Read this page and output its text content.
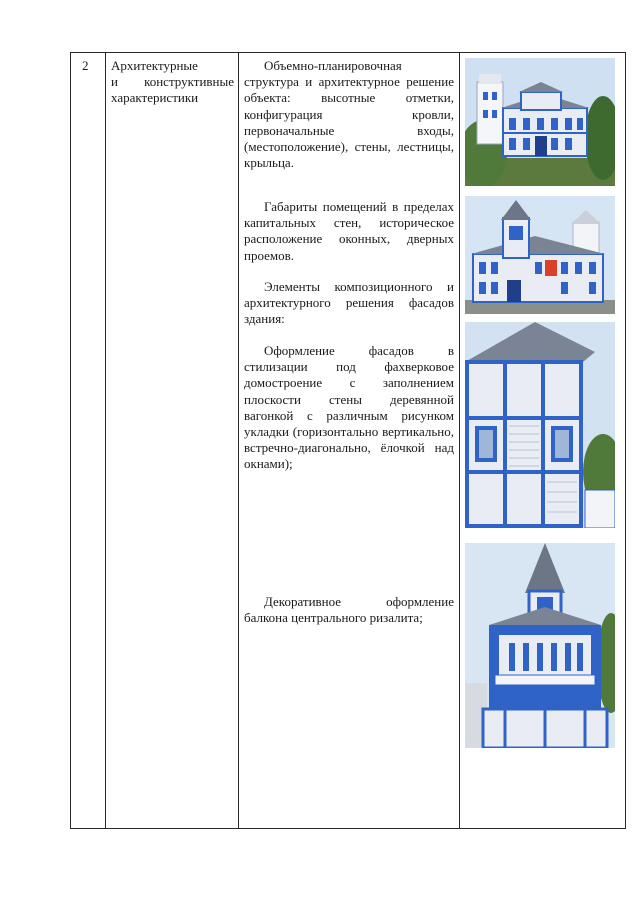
2 Архитектурные
и конструктивные
характеристики
Объемно-планировочная структура и архитектурное решение объекта: высотные отметки, конфигурация кровли, первоначальные входы, (местоположение), стены, лестницы, крыльца.
Габариты помещений в пределах капитальных стен, историческое расположение оконных, дверных проемов.
Элементы композиционного и архитектурного решения фасадов здания:
Оформление фасадов в стилизации под фахверковое домостроение с заполнением плоскости стены деревянной вагонкой с различным рисунком укладки (горизонтально вертикально, встречно-диагонально, ёлочкой над окнами);
Декоративное оформление балкона центрального ризалита;
